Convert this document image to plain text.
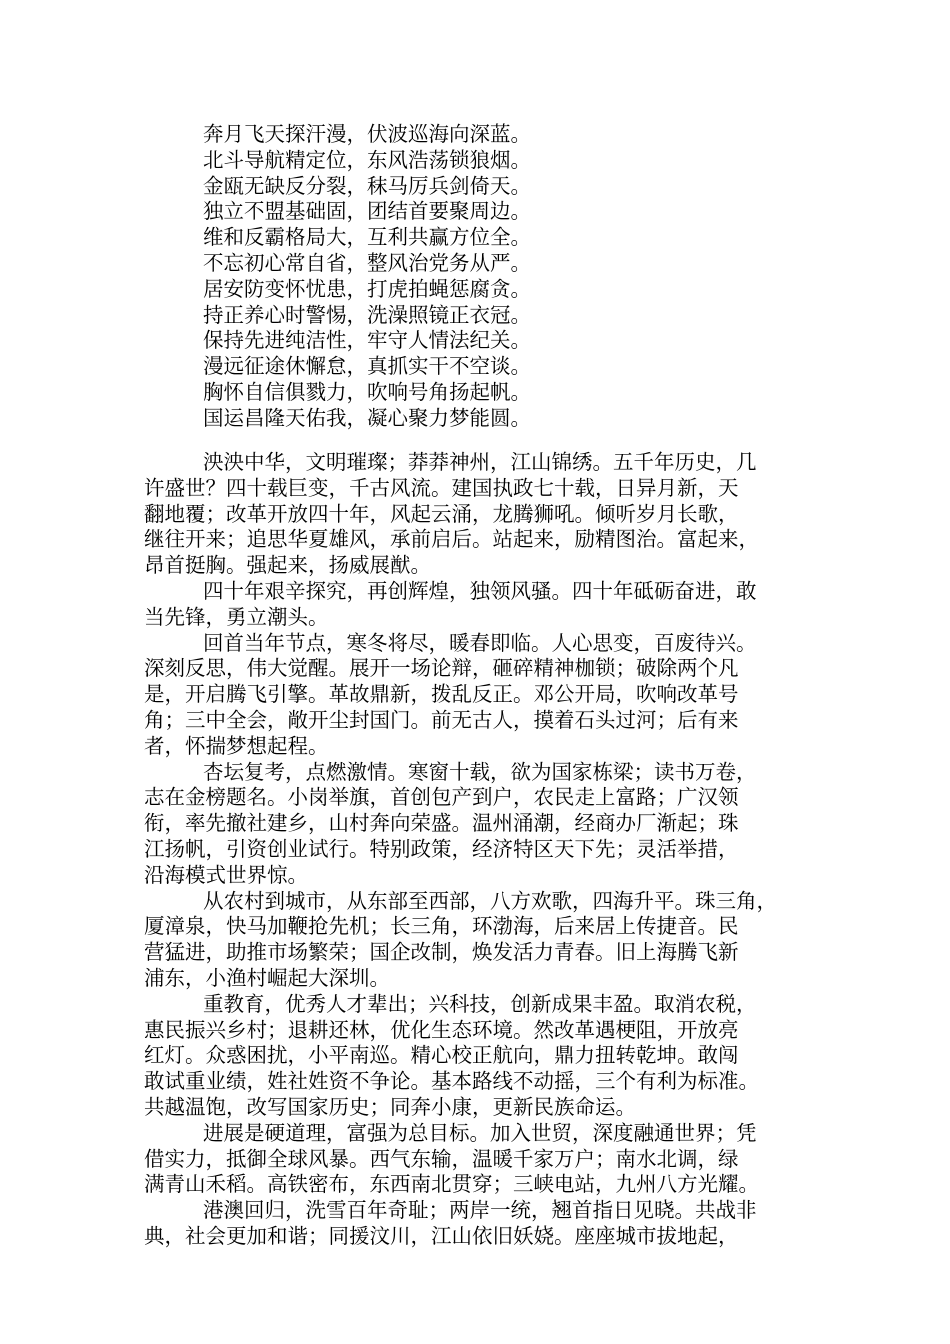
奔月飞天探汗漫，伏波巡海向深蓝。
北斗导航精定位，东风浩荡锁狼烟。
金瓯无缺反分裂，秣马厉兵剑倚天。
独立不盟基础固，团结首要聚周边。
维和反霸格局大，互利共赢方位全。
不忘初心常自省，整风治党务从严。
居安防变怀忧患，打虎拍蝇惩腐贪。
持正养心时警惕，洗澡照镜正衣冠。
保持先进纯洁性，牢守人情法纪关。
漫远征途休懈怠，真抓实干不空谈。
胸怀自信俱戮力，吹响号角扬起帆。
国运昌隆天佑我，凝心聚力梦能圆。
泱泱中华，文明璀璨；莽莽神州，江山锦绣。五千年历史，几
许盛世？四十载巨变，千古风流。建国执政七十载，日异月新，天
翻地覆；改革开放四十年，风起云涌，龙腾狮吼。倾听岁月长歌，
继往开来；追思华夏雄风，承前启后。站起来，励精图治。富起来，
昂首挺胸。强起来，扬威展猷。
四十年艰辛探究，再创辉煌，独领风骚。四十年砥砺奋进，敢
当先锋，勇立潮头。
回首当年节点，寒冬将尽，暖春即临。人心思变，百废待兴。
深刻反思，伟大觉醒。展开一场论辩，砸碎精神枷锁；破除两个凡
是，开启腾飞引擎。革故鼎新，拨乱反正。邓公开局，吹响改革号
角；三中全会，敞开尘封国门。前无古人，摸着石头过河；后有来
者，怀揣梦想起程。
杏坛复考，点燃激情。寒窗十载，欲为国家栋梁；读书万卷，
志在金榜题名。小岗举旗，首创包产到户，农民走上富路；广汉领
衔，率先撤社建乡，山村奔向荣盛。温州涌潮，经商办厂渐起；珠
江扬帆，引资创业试行。特别政策，经济特区天下先；灵活举措，
沿海模式世界惊。
从农村到城市，从东部至西部，八方欢歌，四海升平。珠三角，
厦漳泉，快马加鞭抢先机；长三角，环渤海，后来居上传捷音。民
营猛进，助推市场繁荣；国企改制，焕发活力青春。旧上海腾飞新
浦东，小渔村崛起大深圳。
重教育，优秀人才辈出；兴科技，创新成果丰盈。取消农税，
惠民振兴乡村；退耕还林，优化生态环境。然改革遇梗阻，开放亮
红灯。众惑困扰，小平南巡。精心校正航向，鼎力扭转乾坤。敢闯
敢试重业绩，姓社姓资不争论。基本路线不动摇，三个有利为标准。
共越温饱，改写国家历史；同奔小康，更新民族命运。
进展是硬道理，富强为总目标。加入世贸，深度融通世界；凭
借实力，抵御全球风暴。西气东输，温暖千家万户；南水北调，绿
满青山禾稻。高铁密布，东西南北贯穿；三峡电站，九州八方光耀。
港澳回归，洗雪百年奇耻；两岸一统，翘首指日见晓。共战非
典，社会更加和谐；同援汶川，江山依旧妖娆。座座城市拔地起，
